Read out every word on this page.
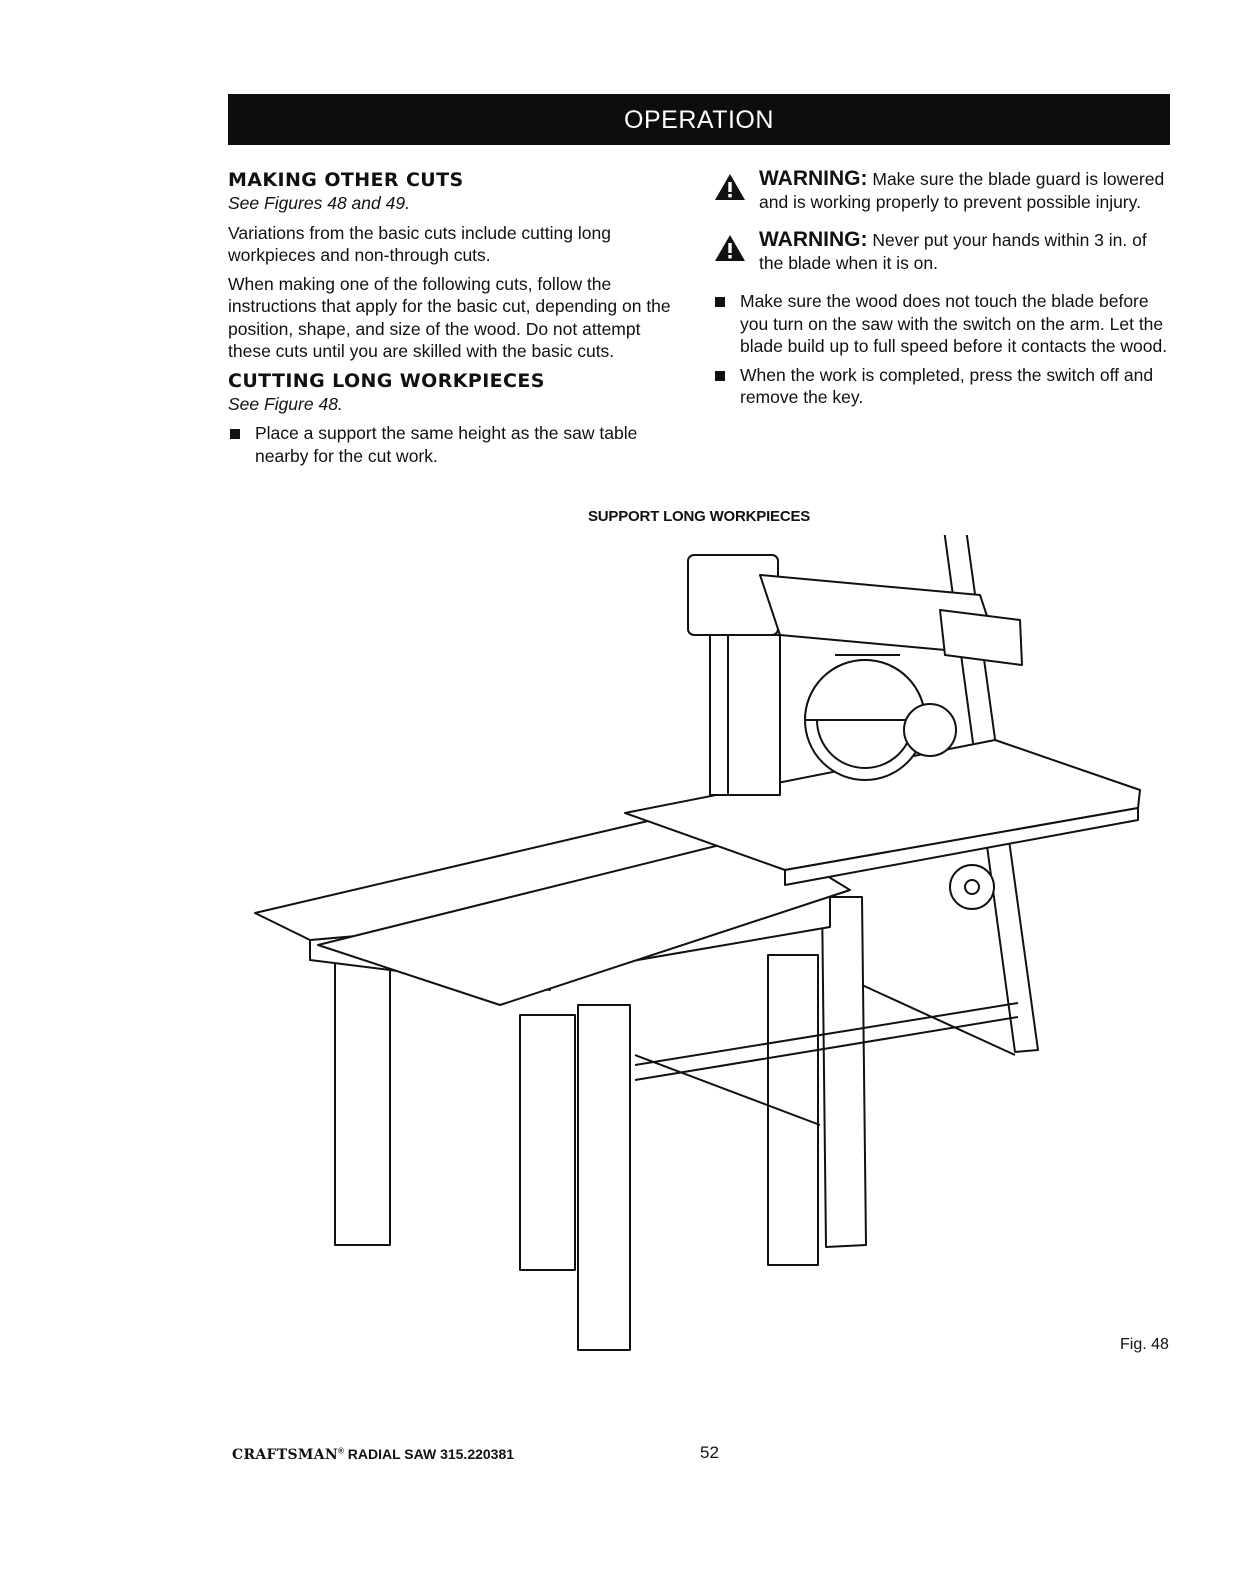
OPERATION
MAKING OTHER CUTS
See Figures 48 and 49.

Variations from the basic cuts include cutting long workpieces and non-through cuts.

When making one of the following cuts, follow the instructions that apply for the basic cut, depending on the position, shape, and size of the wood. Do not attempt these cuts until you are skilled with the basic cuts.

CUTTING LONG WORKPIECES
See Figure 48.
Place a support the same height as the saw table nearby for the cut work.
WARNING: Make sure the blade guard is lowered and is working properly to prevent possible injury.
WARNING: Never put your hands within 3 in. of the blade when it is on.
Make sure the wood does not touch the blade before you turn on the saw with the switch on the arm. Let the blade build up to full speed before it contacts the wood.
When the work is completed, press the switch off and remove the key.
SUPPORT LONG WORKPIECES
Fig. 48
CRAFTSMAN® RADIAL SAW 315.220381	52
